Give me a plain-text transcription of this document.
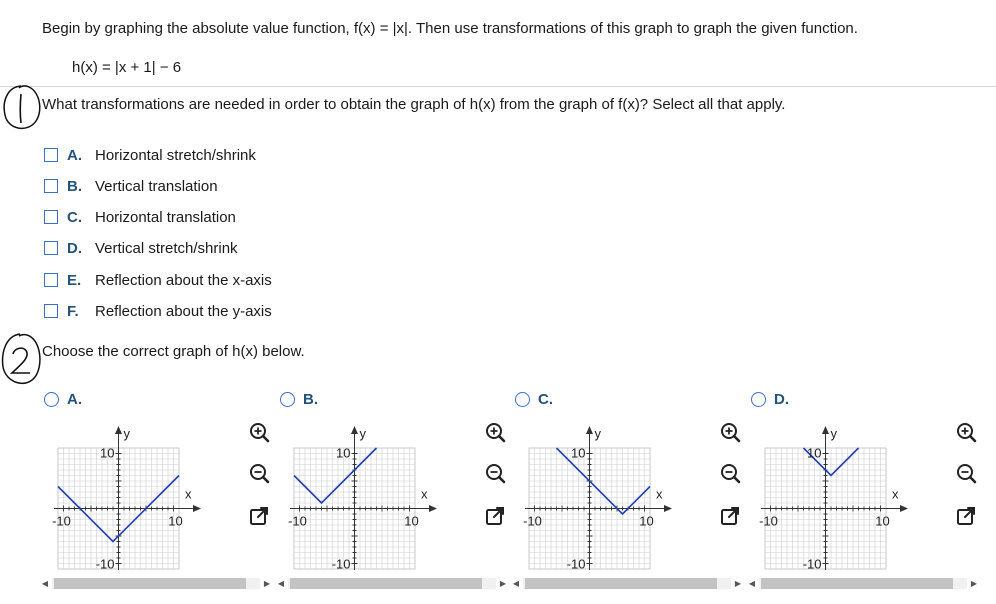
Begin by graphing the absolute value function, f(x) = |x|. Then use transformations of this graph to graph the given function.
h(x) = |x + 1| − 6
What transformations are needed in order to obtain the graph of h(x) from the graph of f(x)? Select all that apply.
A. Horizontal stretch/shrink
B. Vertical translation
C. Horizontal translation
D. Vertical stretch/shrink
E. Reflection about the x-axis
F.	Reflection about the y-axis
Choose the correct graph of h(x) below.
A.
y
x
10
-10
-10	10
◀	▶
B.
y
x
10
-10
-10	10
◀	▶
C.
y
x
10
-10
-10	10
◀	▶
D.
y
x
10
-10
-10	10
◀	▶
